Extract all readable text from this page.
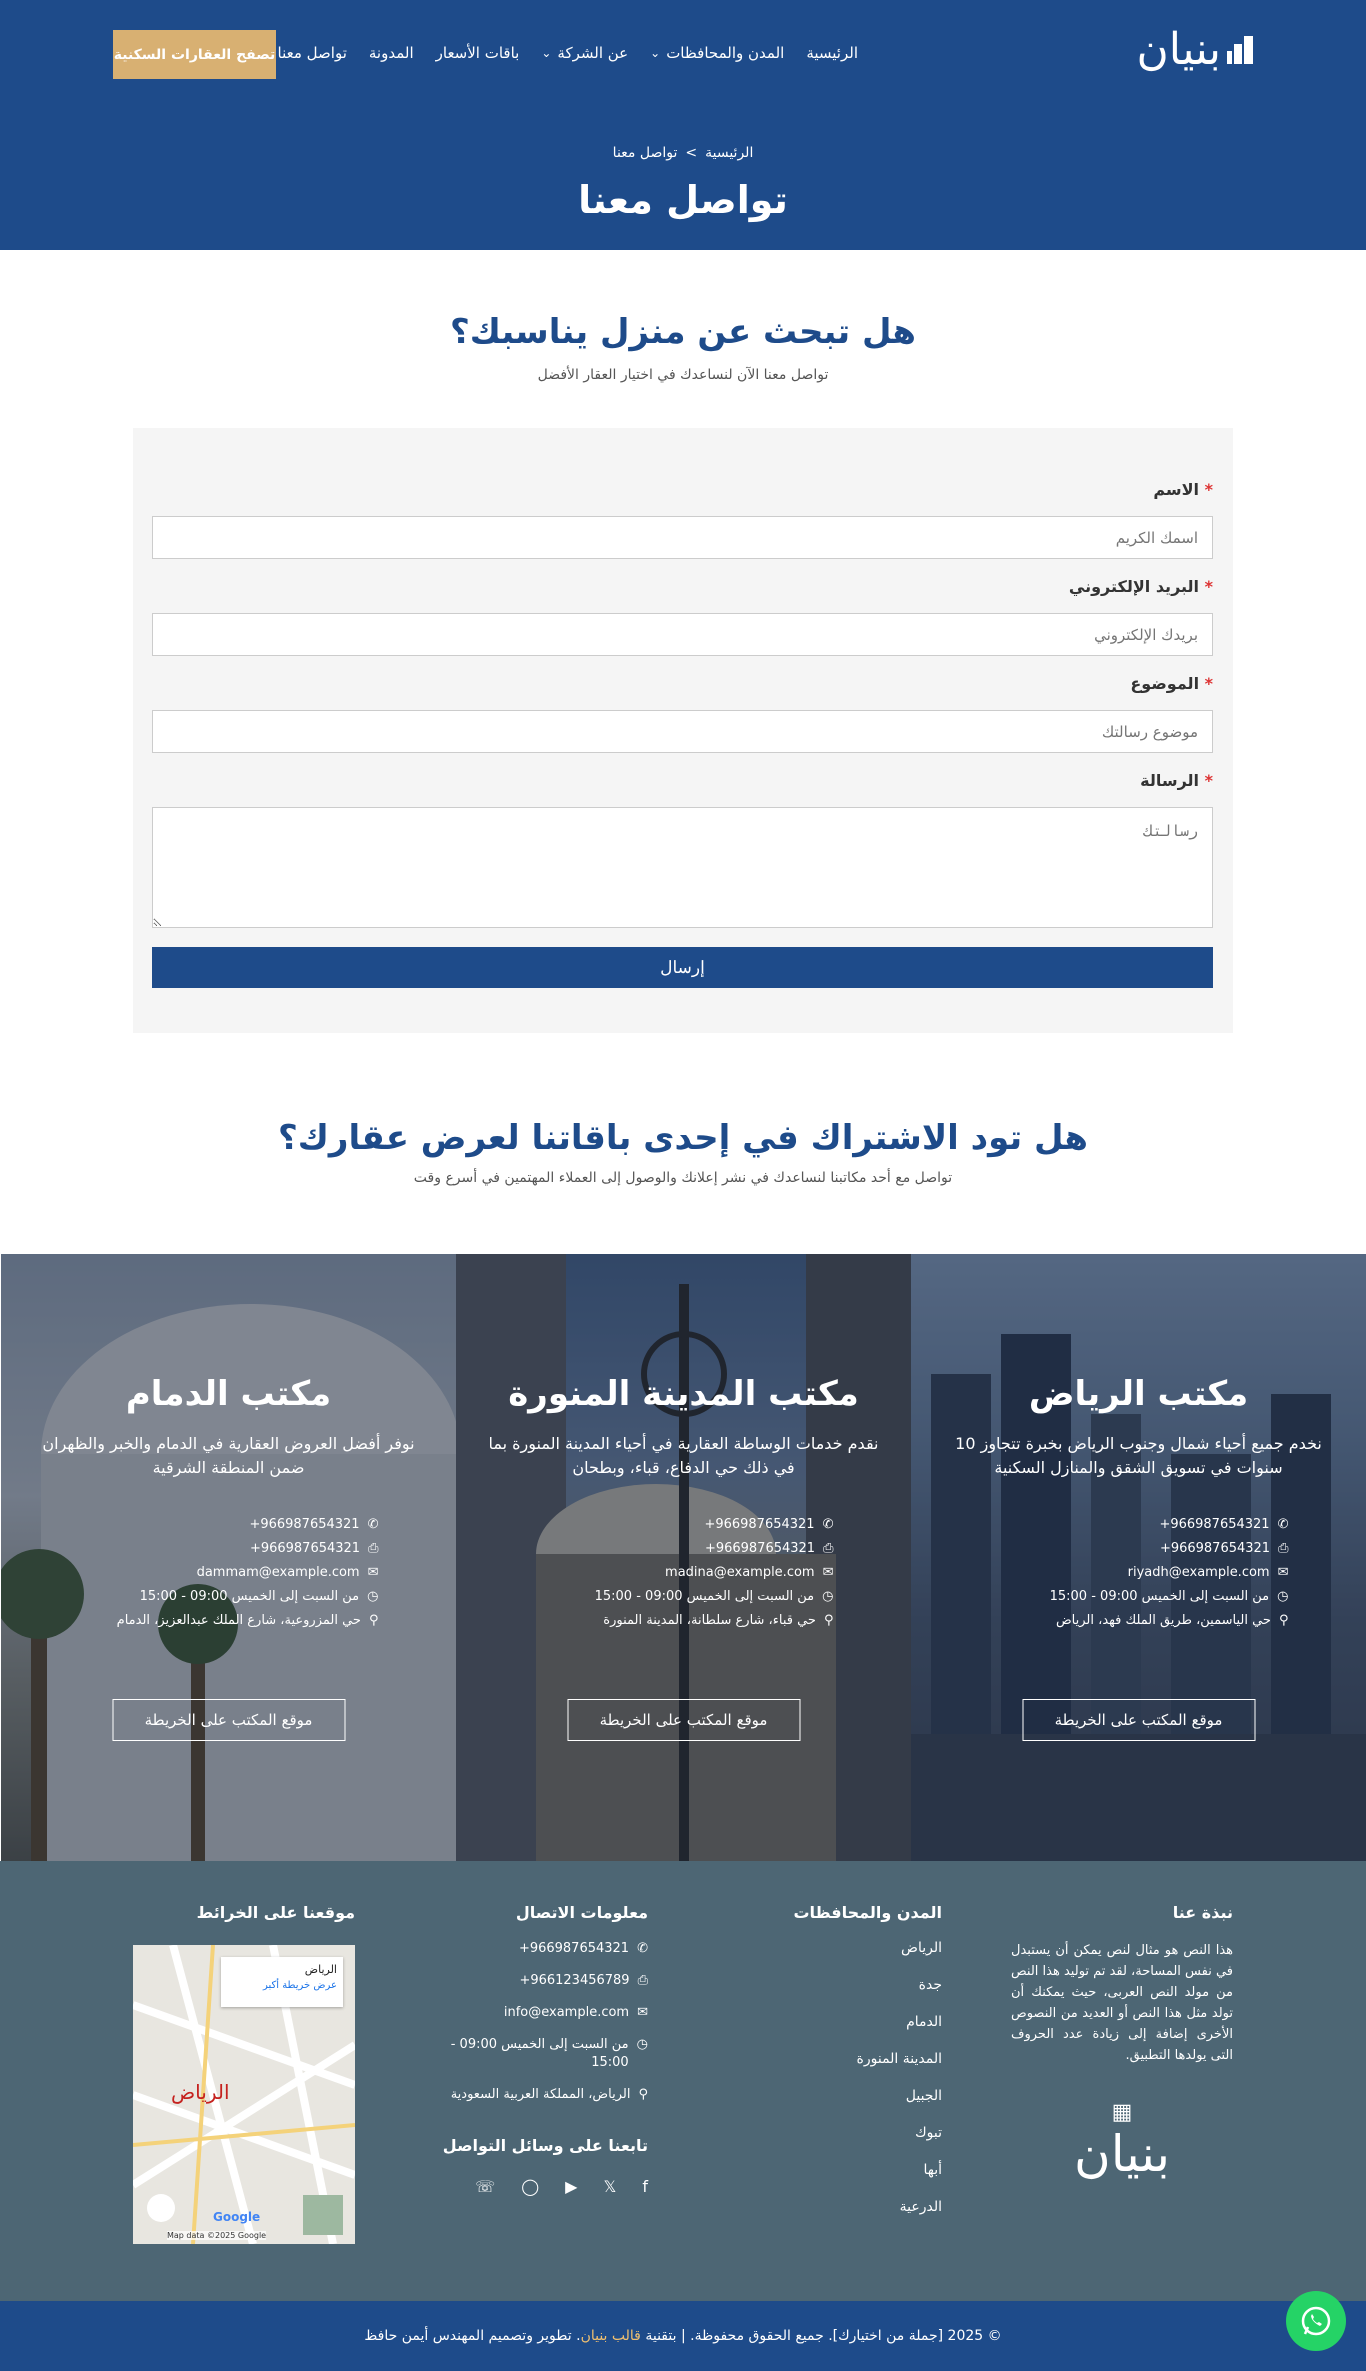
بنيان
الرئيسية
المدن والمحافظات
⌄
عن الشركة
⌄
باقات الأسعار
المدونة
تواصل معنا
تصفح العقارات السكنية
الرئيسية
>
تواصل معنا
تواصل معنا
هل تبحث عن منزل يناسبك؟

تواصل معنا الآن لنساعدك في اختيار العقار الأفضل

* الاسم
اسمك الكريم
* البريد الإلكتروني
بريدك الإلكتروني
* الموضوع
موضوع رسالتك
* الرسالة
رسالتك
إرسال
هل تود الاشتراك في إحدى باقاتنا لعرض عقارك؟

تواصل مع أحد مكاتبنا لنساعدك في نشر إعلانك والوصول إلى العملاء المهتمين في أسرع وقت

مكتب الرياض

نخدم جميع أحياء شمال وجنوب الرياض بخبرة تتجاوز 10 سنوات في تسويق الشقق والمنازل السكنية

✆
+966987654321
⎙
+966987654321
✉
riyadh@example.com
◷
من السبت إلى الخميس 09:00 - 15:00
⚲
حي الياسمين، طريق الملك فهد، الرياض
موقع المكتب على الخريطة
مكتب المدينة المنورة

نقدم خدمات الوساطة العقارية في أحياء المدينة المنورة بما في ذلك حي الدفاع، قباء، وبطحان

✆
+966987654321
⎙
+966987654321
✉
madina@example.com
◷
من السبت إلى الخميس 09:00 - 15:00
⚲
حي قباء، شارع سلطانة، المدينة المنورة
موقع المكتب على الخريطة
مكتب الدمام

نوفر أفضل العروض العقارية في الدمام والخبر والظهران ضمن المنطقة الشرقية

✆
+966987654321
⎙
+966987654321
✉
dammam@example.com
◷
من السبت إلى الخميس 09:00 - 15:00
⚲
حي المزروعية، شارع الملك عبدالعزيز، الدمام
موقع المكتب على الخريطة
نبذة عنا

هذا النص هو مثال لنص يمكن أن يستبدل في نفس المساحة، لقد تم توليد هذا النص من مولد النص العربى، حيث يمكنك أن تولد مثل هذا النص أو العديد من النصوص الأخرى إضافة إلى زيادة عدد الحروف التى يولدها التطبيق.

▦
بنيان
المدن والمحافظات
الرياض
جدة
الدمام
المدينة المنورة
الجبيل
تبوك
أبها
الدرعية
معلومات الاتصال
✆
+966987654321
⎙
+966123456789
✉
info@example.com
◷
من السبت إلى الخميس 09:00 - 15:00
⚲
الرياض، المملكة العربية السعودية
تابعنا على وسائل التواصل
f
𝕏
▶
◯
☏
موقعنا على الخرائط
الرياض
عرض خريطة أكبر
الرياض
Google
Map data ©2025 Google
✥
© 2025 [جملة من اختيارك]. جميع الحقوق محفوظة. | بتقنية قالب بنيان. تطوير وتصميم المهندس أيمن حافظ
